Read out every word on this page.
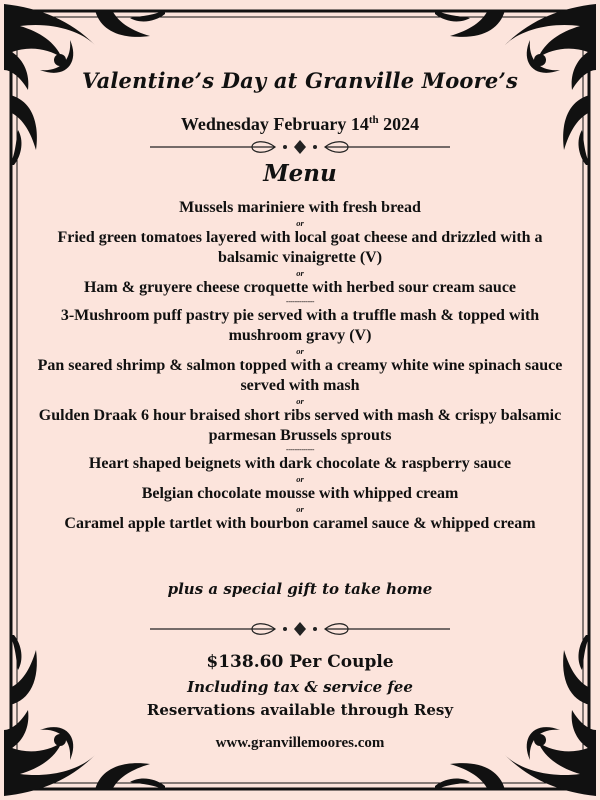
Valentine’s Day at Granville Moore’s
Wednesday February 14th 2024
Menu
Mussels mariniere with fresh bread
or
Fried green tomatoes layered with local goat cheese and drizzled with a balsamic vinaigrette (V)
or
Ham & gruyere cheese croquette with herbed sour cream sauce
-------------
3-Mushroom puff pastry pie served with a truffle mash & topped with mushroom gravy (V)
or
Pan seared shrimp & salmon topped with a creamy white wine spinach sauce served with mash
or
Gulden Draak 6 hour braised short ribs served with mash & crispy balsamic parmesan Brussels sprouts
-------------
Heart shaped beignets with dark chocolate & raspberry sauce
or
Belgian chocolate mousse with whipped cream
or
Caramel apple tartlet with bourbon caramel sauce & whipped cream
plus a special gift to take home
$138.60 Per Couple
Including tax & service fee
Reservations available through Resy
www.granvillemoores.com
